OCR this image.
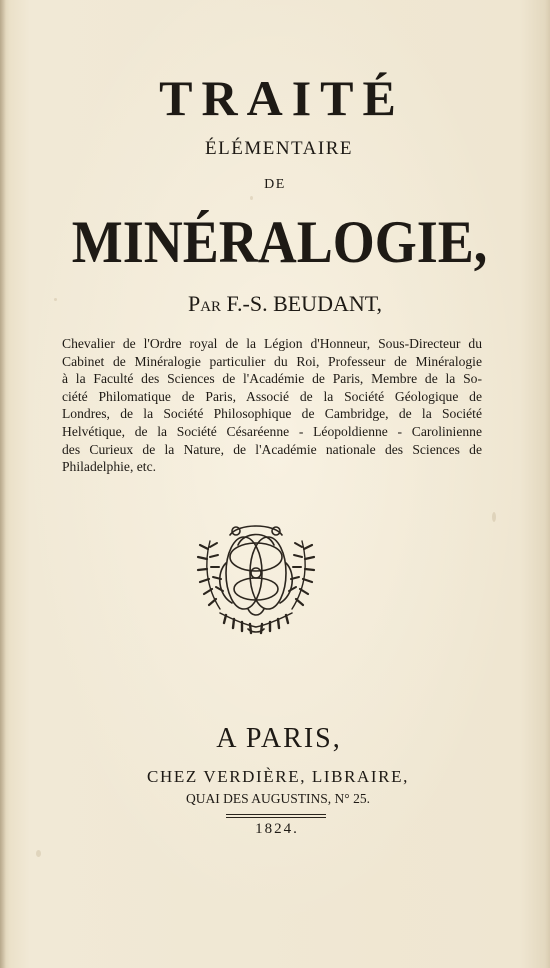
TRAITÉ
ÉLÉMENTAIRE
DE
MINÉRALOGIE,
Par F.-S. BEUDANT,
Chevalier de l'Ordre royal de la Légion d'Honneur, Sous-Directeur du
Cabinet de Minéralogie particulier du Roi, Professeur de Minéralogie
à la Faculté des Sciences de l'Académie de Paris, Membre de la So-
ciété Philomatique de Paris, Associé de la Société Géologique de
Londres, de la Société Philosophique de Cambridge, de la Société
Helvétique, de la Société Césaréenne - Léopoldienne - Carolinienne
des Curieux de la Nature, de l'Académie nationale des Sciences de
Philadelphie, etc.
A PARIS,
CHEZ VERDIÈRE, LIBRAIRE,
QUAI DES AUGUSTINS, N° 25.
1824.
